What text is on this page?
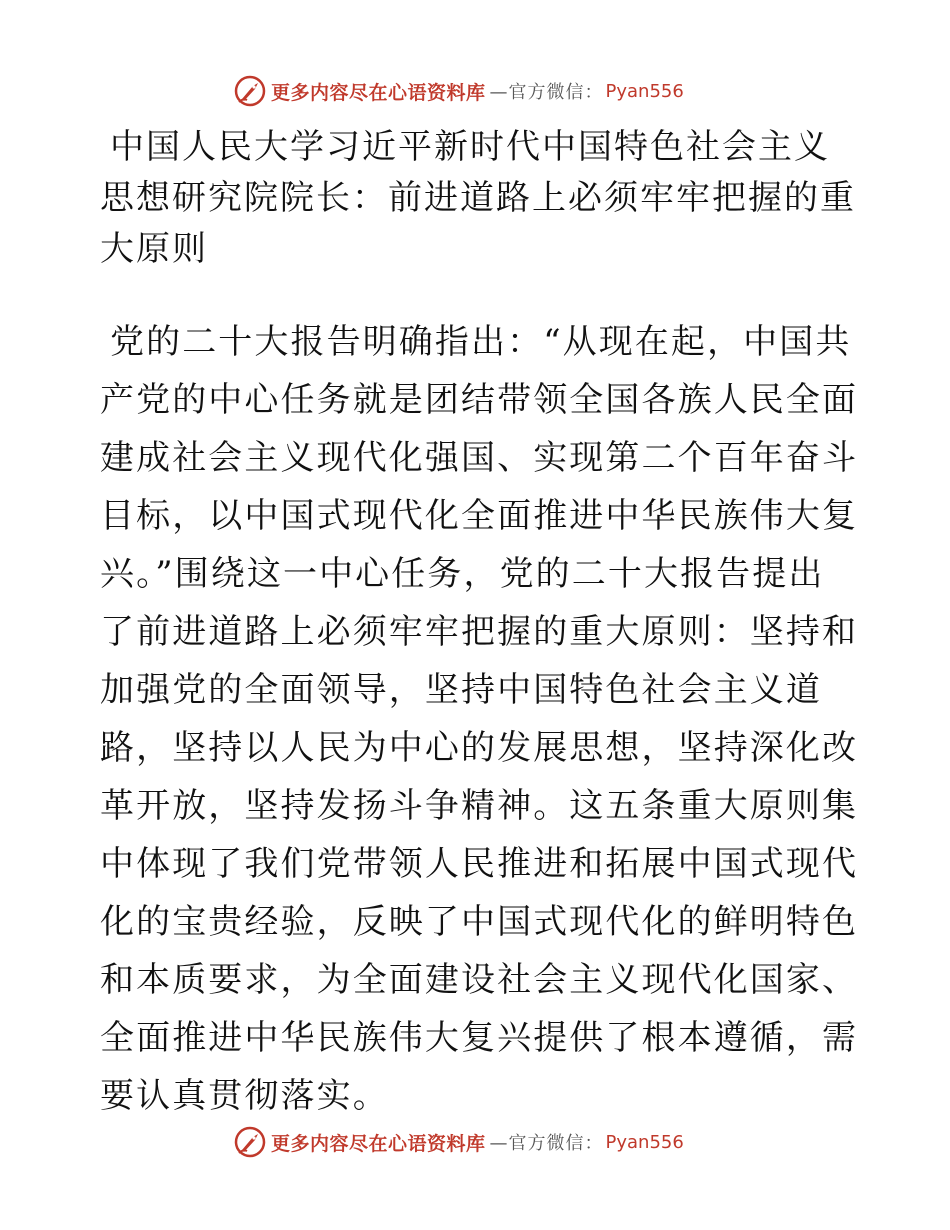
更多内容尽在心语资料库 —官方微信： Pyan556
中国人民大学习近平新时代中国特色社会主义思想研究院院长：前进道路上必须牢牢把握的重大原则

党的二十大报告明确指出：“从现在起，中国共产党的中心任务就是团结带领全国各族人民全面建成社会主义现代化强国、实现第二个百年奋斗目标，以中国式现代化全面推进中华民族伟大复兴。”围绕这一中心任务，党的二十大报告提出了前进道路上必须牢牢把握的重大原则：坚持和加强党的全面领导，坚持中国特色社会主义道路，坚持以人民为中心的发展思想，坚持深化改革开放，坚持发扬斗争精神。这五条重大原则集中体现了我们党带领人民推进和拓展中国式现代化的宝贵经验，反映了中国式现代化的鲜明特色和本质要求，为全面建设社会主义现代化国家、全面推进中华民族伟大复兴提供了根本遵循，需要认真贯彻落实。

更多内容尽在心语资料库 —官方微信： Pyan556
